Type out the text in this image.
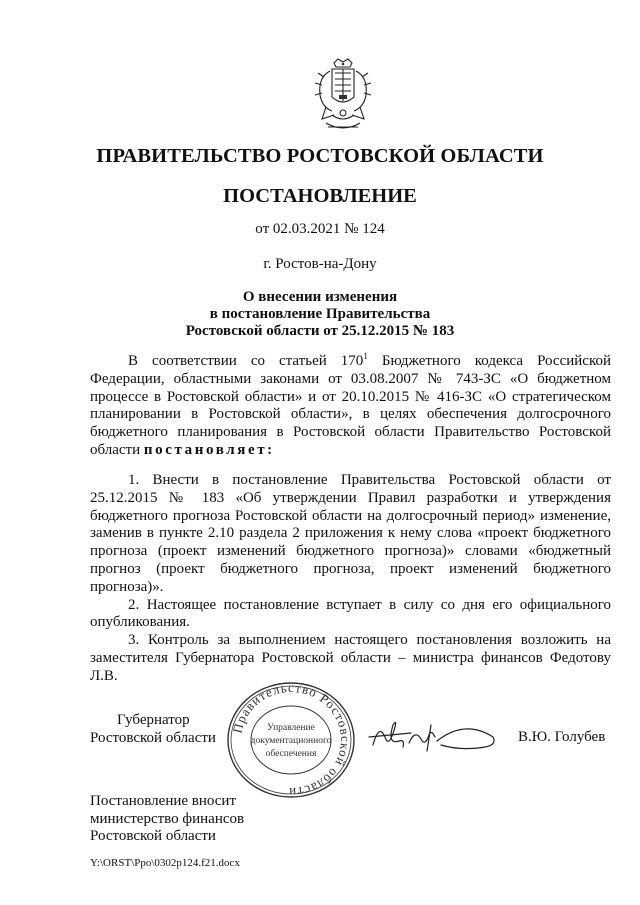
ПРАВИТЕЛЬСТВО РОСТОВСКОЙ ОБЛАСТИ
ПОСТАНОВЛЕНИЕ
от 02.03.2021 № 124
г. Ростов-на-Дону
О внесении изменения
в постановление Правительства
Ростовской области от 25.12.2015 № 183

В соответствии со статьей $170^1$ Бюджетного кодекса Российской Федерации, областными законами от 03.08.2007 № 743-ЗС «О бюджетном процессе в Ростовской области» и от 20.10.2015 № 416-ЗС «О стратегическом планировании в Ростовской области», в целях обеспечения долгосрочного бюджетного планирования в Ростовской области Правительство Ростовской области постановляет:

1. Внести в постановление Правительства Ростовской области от 25.12.2015 № 183 «Об утверждении Правил разработки и утверждения бюджетного прогноза Ростовской области на долгосрочный период» изменение, заменив в пункте 2.10 раздела 2 приложения к нему слова «проект бюджетного прогноза (проект изменений бюджетного прогноза)» словами «бюджетный прогноз (проект бюджетного прогноза, проект изменений бюджетного прогноза)».

2. Настоящее постановление вступает в силу со дня его официального опубликования.

3. Контроль за выполнением настоящего постановления возложить на заместителя Губернатора Ростовской области – министра финансов Федотову Л.В.

Губернатор
Ростовской области
Правительство Ростовской области
Управление
документационного
обеспечения
В.Ю. Голубев
Постановление вносит
министерство финансов
Ростовской области
Y:\ORST\Ppo\0302p124.f21.docx
